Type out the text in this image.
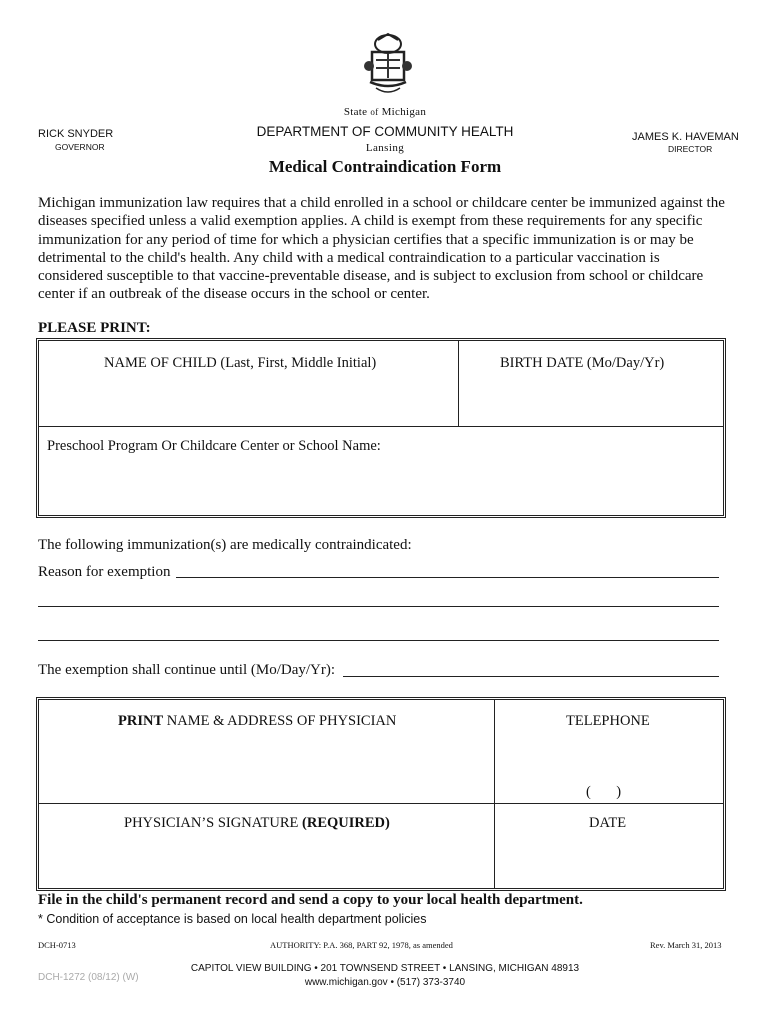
State of Michigan
DEPARTMENT OF COMMUNITY HEALTH
Lansing
RICK SNYDER
GOVERNOR
JAMES K. HAVEMAN
DIRECTOR
Medical Contraindication Form
Michigan immunization law requires that a child enrolled in a school or childcare center be immunized against the diseases specified unless a valid exemption applies. A child is exempt from these requirements for any specific immunization for any period of time for which a physician certifies that a specific immunization is or may be detrimental to the child's health. Any child with a medical contraindication to a particular vaccination is considered susceptible to that vaccine-preventable disease, and is subject to exclusion from school or childcare center if an outbreak of the disease occurs in the school or center.
PLEASE PRINT:
NAME OF CHILD (Last, First, Middle Initial)	BIRTH DATE (Mo/Day/Yr)
Preschool Program Or Childcare Center or School Name:
The following immunization(s) are medically contraindicated:
Reason for exemption
The exemption shall continue until (Mo/Day/Yr):
PRINT NAME & ADDRESS OF PHYSICIAN	TELEPHONE
(       )
PHYSICIAN’S SIGNATURE (REQUIRED)	DATE
File in the child's permanent record and send a copy to your local health department.
* Condition of acceptance is based on local health department policies
DCH-0713	AUTHORITY: P.A. 368, PART 92, 1978, as amended	Rev. March 31, 2013
CAPITOL VIEW BUILDING • 201 TOWNSEND STREET • LANSING, MICHIGAN 48913
www.michigan.gov • (517) 373-3740
DCH-1272 (08/12) (W)
